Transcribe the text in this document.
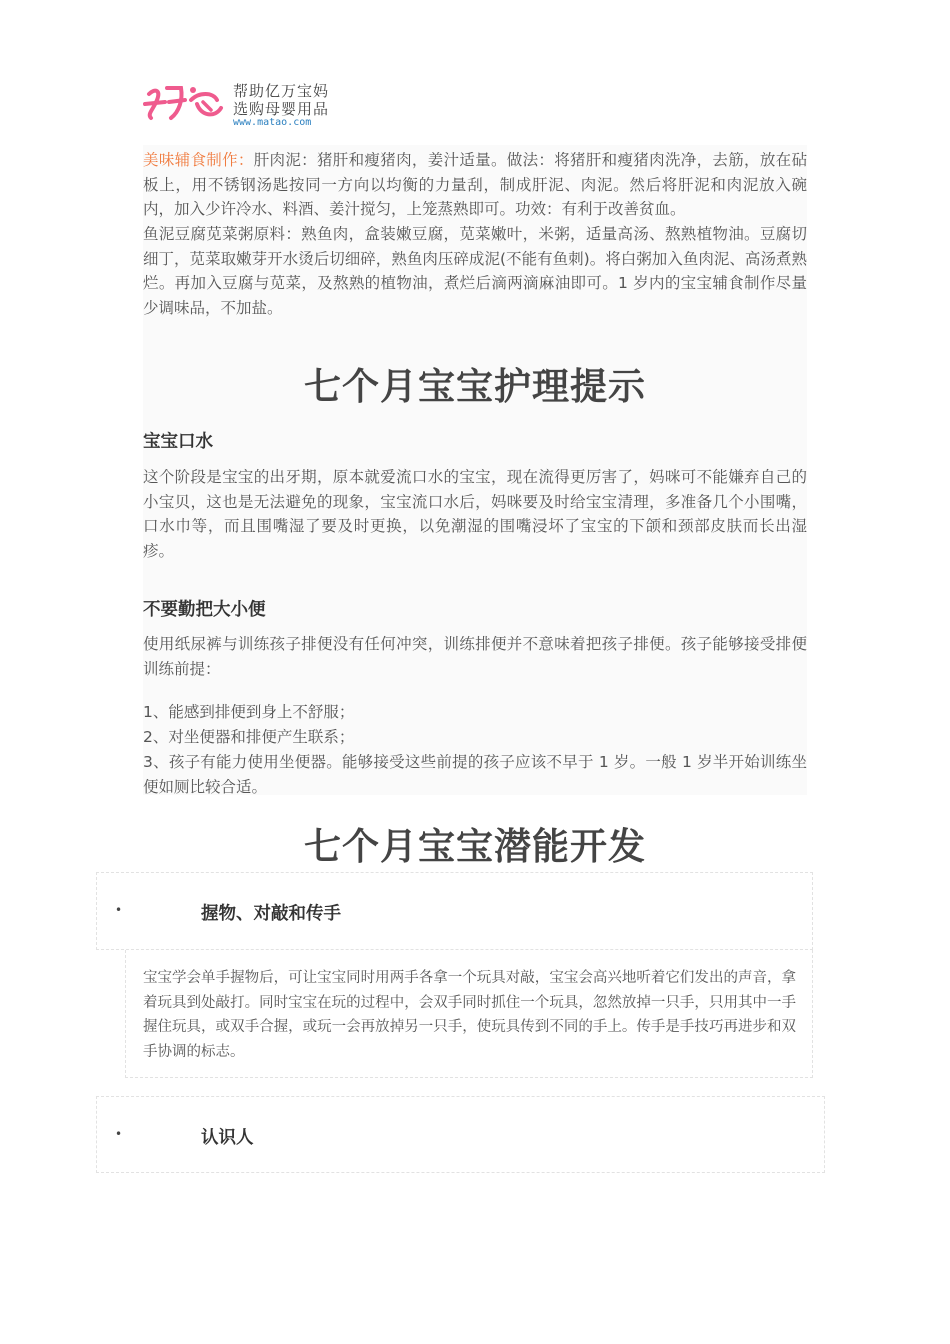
帮助亿万宝妈
选购母婴用品
www.matao.com

美味辅食制作：肝肉泥：猪肝和瘦猪肉，姜汁适量。做法：将猪肝和瘦猪肉洗净，去筋，放在砧板上，用不锈钢汤匙按同一方向以均衡的力量刮，制成肝泥、肉泥。然后将肝泥和肉泥放入碗内，加入少许冷水、料酒、姜汁搅匀，上笼蒸熟即可。功效：有利于改善贫血。

鱼泥豆腐苋菜粥原料：熟鱼肉，盒装嫩豆腐，苋菜嫩叶，米粥，适量高汤、熬熟植物油。豆腐切细丁，苋菜取嫩芽开水烫后切细碎，熟鱼肉压碎成泥(不能有鱼刺)。将白粥加入鱼肉泥、高汤煮熟烂。再加入豆腐与苋菜，及熬熟的植物油，煮烂后滴两滴麻油即可。1 岁内的宝宝辅食制作尽量少调味品，不加盐。

七个月宝宝护理提示
宝宝口水

这个阶段是宝宝的出牙期，原本就爱流口水的宝宝，现在流得更厉害了，妈咪可不能嫌弃自己的小宝贝，这也是无法避免的现象，宝宝流口水后，妈咪要及时给宝宝清理，多准备几个小围嘴，口水巾等，而且围嘴湿了要及时更换，以免潮湿的围嘴浸坏了宝宝的下颌和颈部皮肤而长出湿疹。

不要勤把大小便

使用纸尿裤与训练孩子排便没有任何冲突，训练排便并不意味着把孩子排便。孩子能够接受排便训练前提：

1、能感到排便到身上不舒服；

2、对坐便器和排便产生联系；

3、孩子有能力使用坐便器。能够接受这些前提的孩子应该不早于 1 岁。一般 1 岁半开始训练坐便如厕比较合适。

七个月宝宝潜能开发
•	握物、对敲和传手

宝宝学会单手握物后，可让宝宝同时用两手各拿一个玩具对敲，宝宝会高兴地听着它们发出的声音，拿着玩具到处敲打。同时宝宝在玩的过程中，会双手同时抓住一个玩具，忽然放掉一只手，只用其中一手握住玩具，或双手合握，或玩一会再放掉另一只手，使玩具传到不同的手上。传手是手技巧再进步和双手协调的标志。

•	认识人
